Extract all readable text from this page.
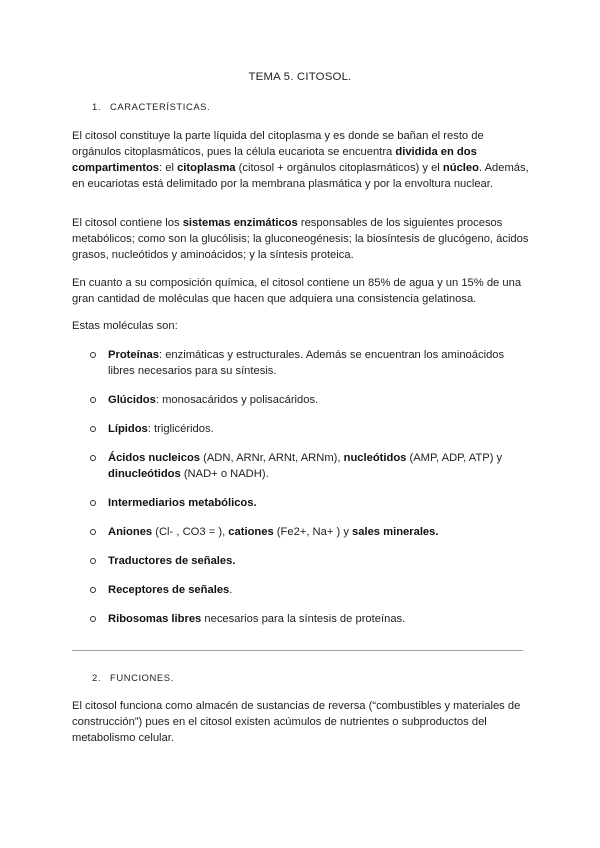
TEMA 5. CITOSOL.
1. CARACTERÍSTICAS.
El citosol constituye la parte líquida del citoplasma y es donde se bañan el resto de orgánulos citoplasmáticos, pues la célula eucariota se encuentra dividida en dos compartimentos: el citoplasma (citosol + orgánulos citoplasmáticos) y el núcleo. Además, en eucariotas está delimitado por la membrana plasmática y por la envoltura nuclear.
El citosol contiene los sistemas enzimáticos responsables de los siguientes procesos metabólicos; como son la glucólisis; la gluconeogénesis; la biosíntesis de glucógeno, ácidos grasos, nucleótidos y aminoácidos; y la síntesis proteica.
En cuanto a su composición química, el citosol contiene un 85% de agua y un 15% de una gran cantidad de moléculas que hacen que adquiera una consistencia gelatinosa.
Estas moléculas son:
Proteínas: enzimáticas y estructurales. Además se encuentran los aminoácidos libres necesarios para su síntesis.
Glúcidos: monosacáridos y polisacáridos.
Lípidos: triglicéridos.
Ácidos nucleicos (ADN, ARNr, ARNt, ARNm), nucleótidos (AMP, ADP, ATP) y dinucleótidos (NAD+ o NADH).
Intermediarios metabólicos.
Aniones (Cl- , CO3 = ), cationes (Fe2+, Na+ ) y sales minerales.
Traductores de señales.
Receptores de señales.
Ribosomas libres necesarios para la síntesis de proteínas.
2. FUNCIONES.
El citosol funciona como almacén de sustancias de reversa (“combustibles y materiales de construcción”) pues en el citosol existen acúmulos de nutrientes o subproductos del metabolismo celular.
